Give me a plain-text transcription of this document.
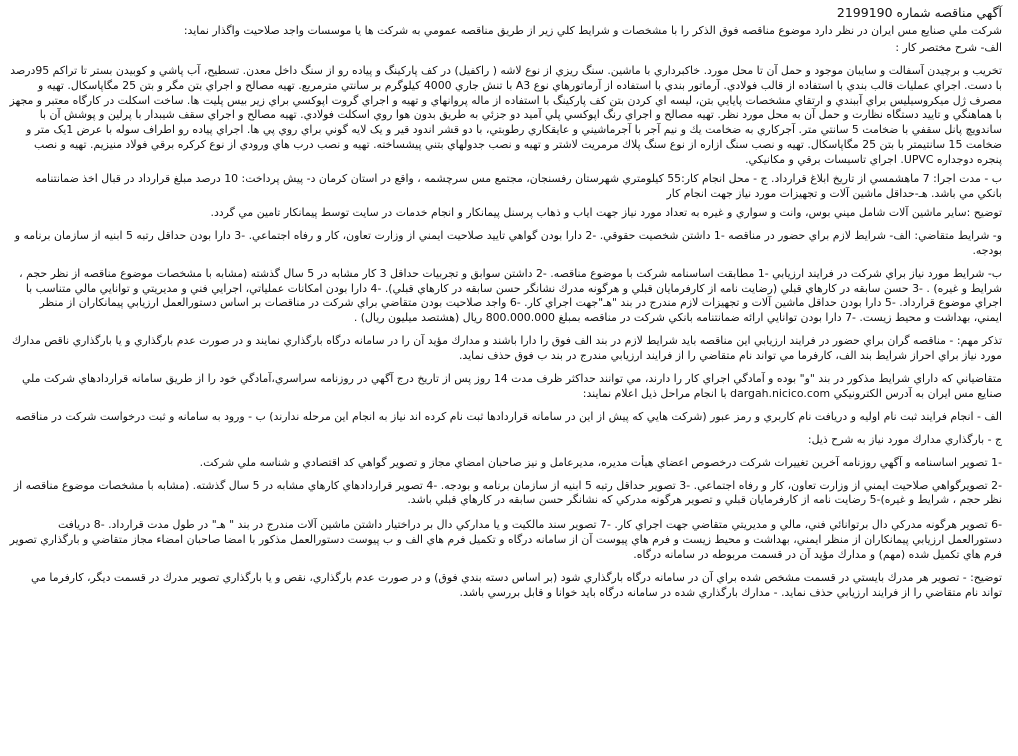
آگهي مناقصه شماره 2199190

شركت ملي صنايع مس ايران در نظر دارد موضوع مناقصه فوق الذكر را با مشخصات و شرايط كلي زير از طريق مناقصه عمومي به شركت ها يا موسسات واجد صلاحيت واگذار نمايد:

الف- شرح مختصر كار :

تخريب و برچيدن آسفالت و سايبان موجود و حمل آن تا محل مورد. خاكبرداري با ماشين. سنگ ريزي از نوع لاشه ( راكفيل) در كف پاركينگ و پياده رو از سنگ داخل معدن. تسطيح، آب پاشي و كوبيدن بستر تا تراكم 95درصد با دست. اجراي عمليات قالب بندي با استفاده از قالب فولادي. آرماتور بندي با استفاده از آرماتورهاي نوع A3 با تنش جاري 4000 كيلوگرم بر سانتي مترمربع. تهيه مصالح و اجراي بتن مگر و بتن 25 مگاپاسكال. تهيه و مصرف ژل ميكروسيليس براي آببندي و ارتقاي مشخصات پايايي بتن، ليسه اي كردن بتن كف پاركينگ با استفاده از ماله پروانهاي و تهيه و اجراي گروت اپوكسي براي زير بيس پليت ها. ساخت اسكلت در كارگاه معتبر و مجهز با هماهنگي و تاييد دستگاه نظارت و حمل آن به محل مورد نظر. تهيه مصالح و اجراي رنگ اپوكسي پلي آميد دو جزئي به طريق بدون هوا روي اسكلت فولادي. تهيه مصالح و اجراي سقف شيبدار با پرلين و پوشش آن با ساندويچ پانل سقفي با ضخامت 5 سانتي متر. آجركاري به ضخامت يك و نيم آجر با آجرماشيني و عايقكاري رطوبتي، با دو قشر اندود قير و يک لايه گوني براي روي پي ها. اجراي پياده رو اطراف سوله با عرض 1يک متر و ضخامت 15 سانتيمتر با بتن 25 مگاپاسكال. تهيه و نصب سنگ ازاره از نوع سنگ پلاك مرمريت لاشتر و تهيه و نصب جدولهاي بتني پيشساخته. تهيه و نصب درب هاي ورودي از نوع كركره برقي فولاد منيزيم. تهيه و نصب پنجره دوجداره UPVC. اجراي تاسيسات برقي و مكانيكي.

ب - مدت اجرا: 7 ماهشمسي از تاريخ ابلاغ قرارداد. ج - محل انجام كار:55 كيلومتري شهرستان رفسنجان، مجتمع مس سرچشمه ، واقع در استان كرمان د- پيش پرداخت: 10 درصد مبلغ قرارداد در قبال اخذ ضمانتنامه بانكي مي باشد. هـ-حداقل ماشين آلات و تجهيزات مورد نياز جهت انجام كار

توضيح :ساير ماشين آلات شامل ميني بوس، وانت و سواري و غيره به تعداد مورد نياز جهت اياب و ذهاب پرسنل پيمانكار و انجام خدمات در سايت توسط پيمانكار تامين مي گردد.

و- شرايط متقاضي: الف- شرايط لازم براي حضور در مناقصه -1 داشتن شخصيت حقوقي. -2 دارا بودن گواهي تاييد صلاحيت ايمني از وزارت تعاون، كار و رفاه اجتماعي. -3 دارا بودن حداقل رتبه 5 ابنيه از سازمان برنامه و بودجه.

ب- شرايط مورد نياز براي شركت در فرايند ارزيابي -1 مطابقت اساسنامه شركت با موضوع مناقصه. -2 داشتن سوابق و تجربيات حداقل 3 كار مشابه در 5 سال گذشته (مشابه با مشخصات موضوع مناقصه از نظر حجم ، شرايط و غيره) . -3 حسن سابقه در كارهاي قبلي (رضايت نامه از كارفرمايان قبلي و هرگونه مدرك نشانگر حسن سابقه در كارهاي قبلي). -4 دارا بودن امكانات عملياتي، اجرايي فني و مديريتي و توانايي مالي متناسب با اجراي موضوع قرارداد. -5 دارا بودن حداقل ماشين آلات و تجهيزات لازم مندرج در بند "هـ"جهت اجراي كار. -6 واجد صلاحيت بودن متقاضي براي شركت در مناقصات بر اساس دستورالعمل ارزيابي پيمانكاران از منظر ايمني، بهداشت و محيط زيست. -7 دارا بودن توانايي ارائه ضمانتنامه بانكي شركت در مناقصه بمبلغ 800.000.000 ريال (هشتصد ميليون ريال) .

تذكر مهم: - مناقصه گران براي حضور در فرايند ارزيابي اين مناقصه بايد شرايط لازم در بند الف فوق را دارا باشند و مدارك مؤيد آن را در سامانه درگاه بارگذاري نمايند و در صورت عدم بارگذاري و يا بارگذاري ناقص مدارك مورد نياز براي احراز شرايط بند الف، كارفرما مي تواند نام متقاضي را از فرايند ارزيابي مندرج در بند ب فوق حذف نمايد.

متقاضياني كه داراي شرايط مذكور در بند "و" بوده و آمادگي اجراي كار را دارند، مي توانند حداكثر ظرف مدت 14 روز پس از تاريخ درج آگهي در روزنامه سراسري،آمادگي خود را از طريق سامانه قراردادهاي شركت ملي صنايع مس ايران به آدرس الكترونيكي dargah.nicico.com با انجام مراحل ذيل اعلام نمايند:

الف - انجام فرايند ثبت نام اوليه و دريافت نام كاربري و رمز عبور (شركت هايي كه پيش از اين در سامانه قراردادها ثبت نام كرده اند نياز به انجام اين مرحله ندارند) ب - ورود به سامانه و ثبت درخواست شركت در مناقصه

ج - بارگذاري مدارك مورد نياز به شرح ذيل:

-1 تصوير اساسنامه و آگهي روزنامه آخرين تغييرات شركت درخصوص اعضاي هيأت مديره، مديرعامل و نيز صاحبان امضاي مجاز و تصوير گواهي كد اقتصادي و شناسه ملي شركت.

-2 تصويرگواهي صلاحيت ايمني از وزارت تعاون، كار و رفاه اجتماعي. -3 تصوير حداقل رتبه 5 ابنيه از سازمان برنامه و بودجه. -4 تصوير قراردادهاي كارهاي مشابه در 5 سال گذشته. (مشابه با مشخصات موضوع مناقصه از نظر حجم ، شرايط و غيره)-5 رضايت نامه از كارفرمايان قبلي و تصوير هرگونه مدركي كه نشانگر حسن سابقه در كارهاي قبلي باشد.

-6 تصوير هرگونه مدركي دال برتوانائي فني، مالي و مديريتي متقاضي جهت اجراي كار. -7 تصوير سند مالكيت و يا مداركي دال بر دراختيار داشتن ماشين آلات مندرج در بند " هـ" در طول مدت قرارداد. -8 دريافت دستورالعمل ارزيابي پيمانكاران از منظر ايمني، بهداشت و محيط زيست و فرم هاي پيوست آن از سامانه درگاه و تكميل فرم هاي الف و ب پيوست دستورالعمل مذكور با امضا صاحبان امضاء مجاز متقاضي و بارگذاري تصوير فرم هاي تكميل شده (مهم) و مدارك مؤيد آن در قسمت مربوطه در سامانه درگاه.

توضيح: - تصوير هر مدرك بايستي در قسمت مشخص شده براي آن در سامانه درگاه بارگذاري شود (بر اساس دسته بندي فوق) و در صورت عدم بارگذاري، نقص و يا بارگذاري تصوير مدرك در قسمت ديگر، كارفرما مي تواند نام متقاضي را از فرايند ارزيابي حذف نمايد. - مدارك بارگذاري شده در سامانه درگاه بايد خوانا و قابل بررسي باشد.
